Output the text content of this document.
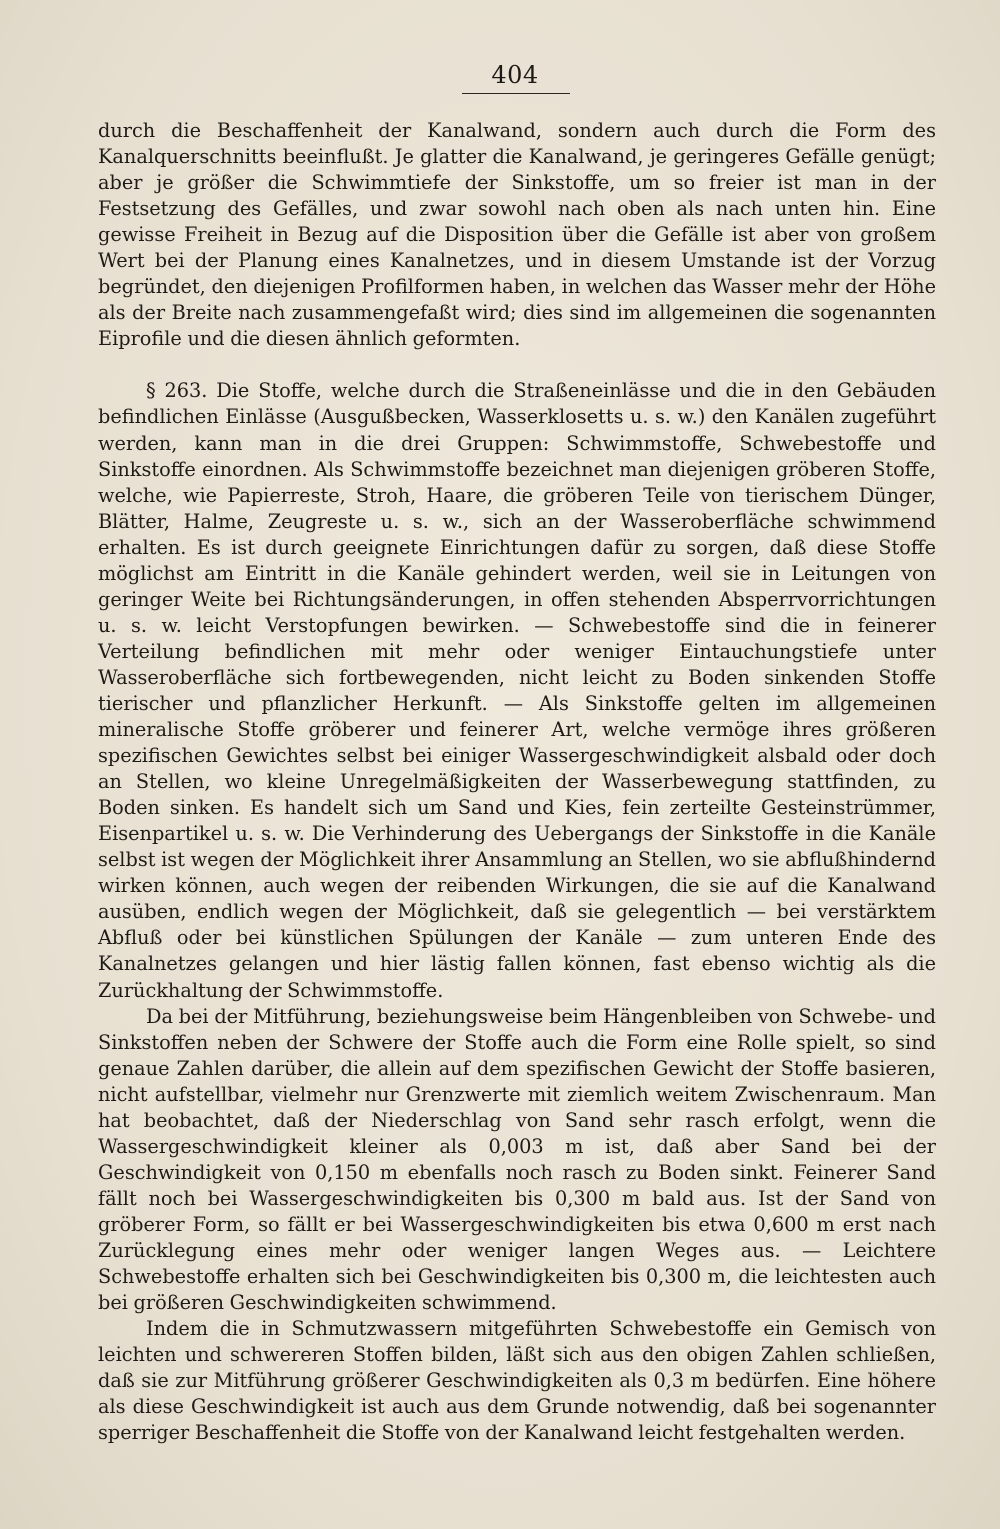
404

durch die Beschaffenheit der Kanalwand, sondern auch durch die Form des Kanalquerschnitts beeinflußt. Je glatter die Kanalwand, je geringeres Gefälle genügt; aber je größer die Schwimmtiefe der Sinkstoffe, um so freier ist man in der Festsetzung des Gefälles, und zwar sowohl nach oben als nach unten hin. Eine gewisse Freiheit in Bezug auf die Disposition über die Gefälle ist aber von großem Wert bei der Planung eines Kanalnetzes, und in diesem Umstande ist der Vorzug begründet, den diejenigen Profilformen haben, in welchen das Wasser mehr der Höhe als der Breite nach zusammengefaßt wird; dies sind im allgemeinen die sogenannten Eiprofile und die diesen ähnlich geformten.

§ 263. Die Stoffe, welche durch die Straßeneinlässe und die in den Gebäuden befindlichen Einlässe (Ausgußbecken, Wasserklosetts u. s. w.) den Kanälen zugeführt werden, kann man in die drei Gruppen: Schwimmstoffe, Schwebestoffe und Sinkstoffe einordnen. Als Schwimmstoffe bezeichnet man diejenigen gröberen Stoffe, welche, wie Papierreste, Stroh, Haare, die gröberen Teile von tierischem Dünger, Blätter, Halme, Zeugreste u. s. w., sich an der Wasseroberfläche schwimmend erhalten. Es ist durch geeignete Einrichtungen dafür zu sorgen, daß diese Stoffe möglichst am Eintritt in die Kanäle gehindert werden, weil sie in Leitungen von geringer Weite bei Richtungsänderungen, in offen stehenden Absperrvorrichtungen u. s. w. leicht Verstopfungen bewirken. — Schwebestoffe sind die in feinerer Verteilung befindlichen mit mehr oder weniger Eintauchungstiefe unter Wasseroberfläche sich fortbewegenden, nicht leicht zu Boden sinkenden Stoffe tierischer und pflanzlicher Herkunft. — Als Sinkstoffe gelten im allgemeinen mineralische Stoffe gröberer und feinerer Art, welche vermöge ihres größeren spezifischen Gewichtes selbst bei einiger Wassergeschwindigkeit alsbald oder doch an Stellen, wo kleine Unregelmäßigkeiten der Wasserbewegung stattfinden, zu Boden sinken. Es handelt sich um Sand und Kies, fein zerteilte Gesteinstrümmer, Eisenpartikel u. s. w. Die Verhinderung des Uebergangs der Sinkstoffe in die Kanäle selbst ist wegen der Möglichkeit ihrer Ansammlung an Stellen, wo sie abflußhindernd wirken können, auch wegen der reibenden Wirkungen, die sie auf die Kanalwand ausüben, endlich wegen der Möglichkeit, daß sie gelegentlich — bei verstärktem Abfluß oder bei künstlichen Spülungen der Kanäle — zum unteren Ende des Kanalnetzes gelangen und hier lästig fallen können, fast ebenso wichtig als die Zurückhaltung der Schwimmstoffe.

Da bei der Mitführung, beziehungsweise beim Hängenbleiben von Schwebe- und Sinkstoffen neben der Schwere der Stoffe auch die Form eine Rolle spielt, so sind genaue Zahlen darüber, die allein auf dem spezifischen Gewicht der Stoffe basieren, nicht aufstellbar, vielmehr nur Grenzwerte mit ziemlich weitem Zwischenraum. Man hat beobachtet, daß der Niederschlag von Sand sehr rasch erfolgt, wenn die Wassergeschwindigkeit kleiner als 0,003 m ist, daß aber Sand bei der Geschwindigkeit von 0,150 m ebenfalls noch rasch zu Boden sinkt. Feinerer Sand fällt noch bei Wassergeschwindigkeiten bis 0,300 m bald aus. Ist der Sand von gröberer Form, so fällt er bei Wassergeschwindigkeiten bis etwa 0,600 m erst nach Zurücklegung eines mehr oder weniger langen Weges aus. — Leichtere Schwebestoffe erhalten sich bei Geschwindigkeiten bis 0,300 m, die leichtesten auch bei größeren Geschwindigkeiten schwimmend.

Indem die in Schmutzwassern mitgeführten Schwebestoffe ein Gemisch von leichten und schwereren Stoffen bilden, läßt sich aus den obigen Zahlen schließen, daß sie zur Mitführung größerer Geschwindigkeiten als 0,3 m bedürfen. Eine höhere als diese Geschwindigkeit ist auch aus dem Grunde notwendig, daß bei sogenannter sperriger Beschaffenheit die Stoffe von der Kanalwand leicht festgehalten werden.
